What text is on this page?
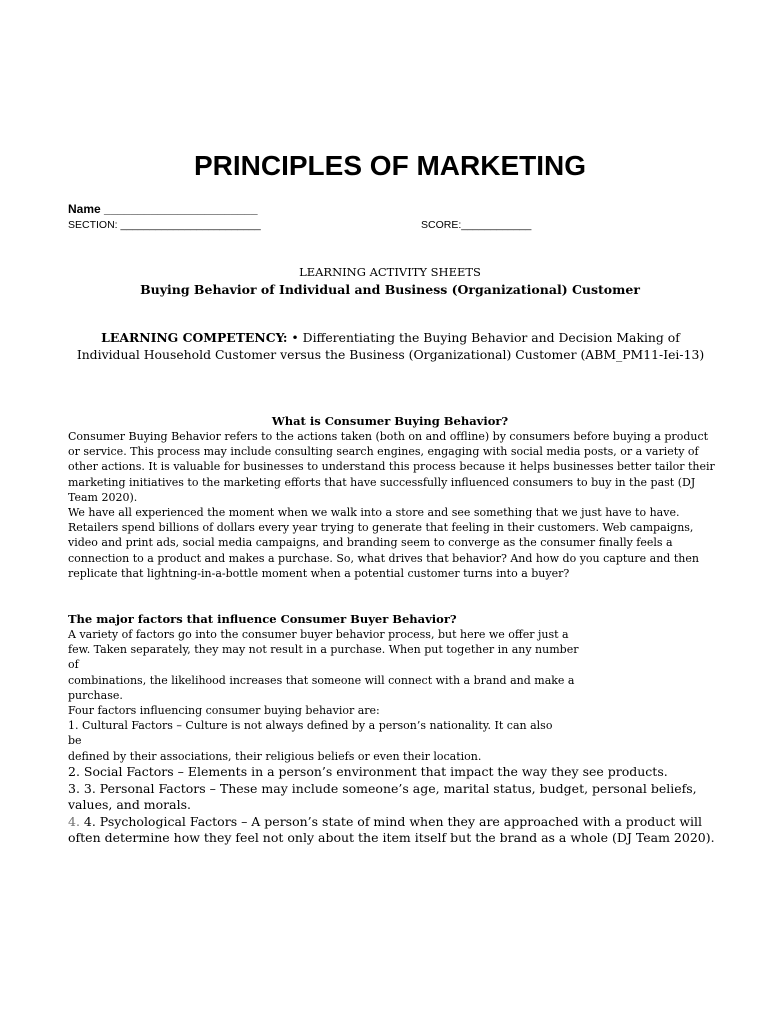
PRINCIPLES OF MARKETING
Name _______________________
SECTION: ________________________	SCORE:____________
LEARNING ACTIVITY SHEETS
Buying Behavior of Individual and Business (Organizational) Customer
LEARNING COMPETENCY: • Differentiating the Buying Behavior and Decision Making of Individual Household Customer versus the Business (Organizational) Customer (ABM_PM11-Iei-13)
What is Consumer Buying Behavior?

Consumer Buying Behavior refers to the actions taken (both on and offline) by consumers before buying a product or service. This process may include consulting search engines, engaging with social media posts, or a variety of other actions. It is valuable for businesses to understand this process because it helps businesses better tailor their marketing initiatives to the marketing efforts that have successfully influenced consumers to buy in the past (DJ Team 2020).

We have all experienced the moment when we walk into a store and see something that we just have to have. Retailers spend billions of dollars every year trying to generate that feeling in their customers. Web campaigns, video and print ads, social media campaigns, and branding seem to converge as the consumer finally feels a connection to a product and makes a purchase. So, what drives that behavior? And how do you capture and then replicate that lightning-in-a-bottle moment when a potential customer turns into a buyer?

The major factors that influence Consumer Buyer Behavior?

A variety of factors go into the consumer buyer behavior process, but here we offer just a

few. Taken separately, they may not result in a purchase. When put together in any number

of

combinations, the likelihood increases that someone will connect with a brand and make a

purchase.

Four factors influencing consumer buying behavior are:

1. Cultural Factors – Culture is not always defined by a person’s nationality. It can also

be

defined by their associations, their religious beliefs or even their location.

2. Social Factors – Elements in a person’s environment that impact the way they see products.

3. 3. Personal Factors – These may include someone’s age, marital status, budget, personal beliefs, values, and morals.

4. 4. Psychological Factors – A person’s state of mind when they are approached with a product will often determine how they feel not only about the item itself but the brand as a whole (DJ Team 2020).
